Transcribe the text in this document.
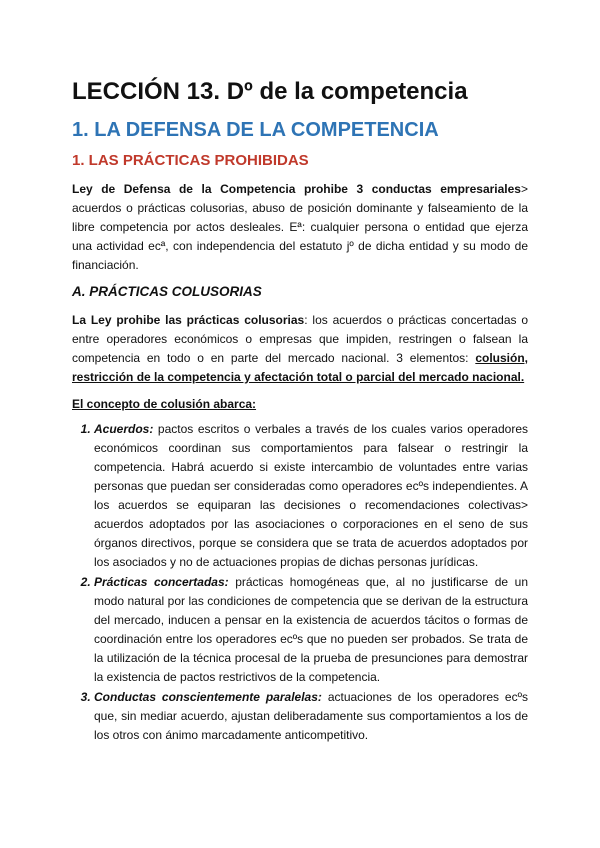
LECCIÓN 13. Dº de la competencia
1. LA DEFENSA DE LA COMPETENCIA
1. LAS PRÁCTICAS PROHIBIDAS

Ley de Defensa de la Competencia prohibe 3 conductas empresariales> acuerdos o prácticas colusorias, abuso de posición dominante y falseamiento de la libre competencia por actos desleales. Eª: cualquier persona o entidad que ejerza una actividad ecª, con independencia del estatuto jº de dicha entidad y su modo de financiación.

A. PRÁCTICAS COLUSORIAS

La Ley prohibe las prácticas colusorias: los acuerdos o prácticas concertadas o entre operadores económicos o empresas que impiden, restringen o falsean la competencia en todo o en parte del mercado nacional. 3 elementos: colusión, restricción de la competencia y afectación total o parcial del mercado nacional.

El concepto de colusión abarca:

1. Acuerdos: pactos escritos o verbales a través de los cuales varios operadores económicos coordinan sus comportamientos para falsear o restringir la competencia. Habrá acuerdo si existe intercambio de voluntades entre varias personas que puedan ser consideradas como operadores ecºs independientes. A los acuerdos se equiparan las decisiones o recomendaciones colectivas> acuerdos adoptados por las asociaciones o corporaciones en el seno de sus órganos directivos, porque se considera que se trata de acuerdos adoptados por los asociados y no de actuaciones propias de dichas personas jurídicas.
2. Prácticas concertadas: prácticas homogéneas que, al no justificarse de un modo natural por las condiciones de competencia que se derivan de la estructura del mercado, inducen a pensar en la existencia de acuerdos tácitos o formas de coordinación entre los operadores ecºs que no pueden ser probados. Se trata de la utilización de la técnica procesal de la prueba de presunciones para demostrar la existencia de pactos restrictivos de la competencia.
3. Conductas conscientemente paralelas: actuaciones de los operadores ecºs que, sin mediar acuerdo, ajustan deliberadamente sus comportamientos a los de los otros con ánimo marcadamente anticompetitivo.
